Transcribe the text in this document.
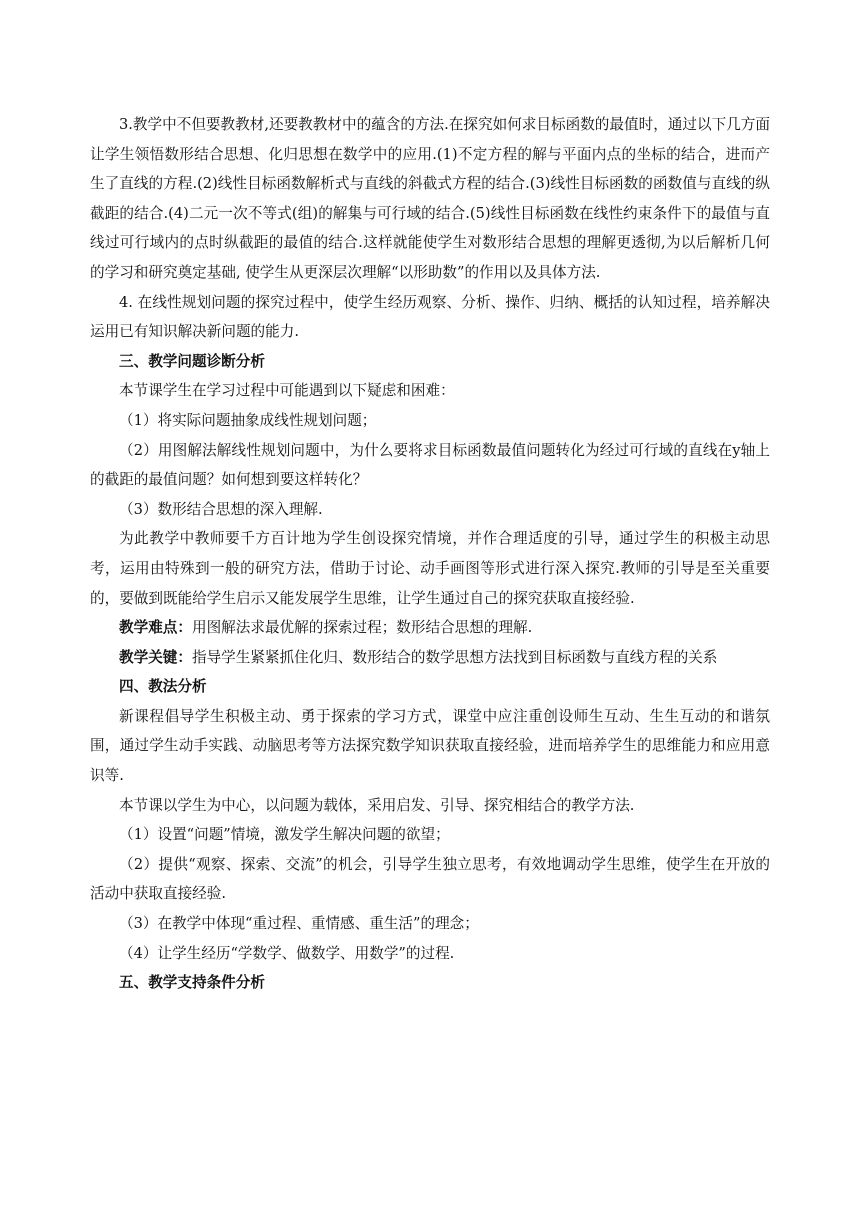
3.教学中不但要教教材,还要教教材中的蕴含的方法.在探究如何求目标函数的最值时，通过以下几方面让学生领悟数形结合思想、化归思想在数学中的应用.(1)不定方程的解与平面内点的坐标的结合，进而产生了直线的方程.(2)线性目标函数解析式与直线的斜截式方程的结合.(3)线性目标函数的函数值与直线的纵截距的结合.(4)二元一次不等式(组)的解集与可行域的结合.(5)线性目标函数在线性约束条件下的最值与直线过可行域内的点时纵截距的最值的结合.这样就能使学生对数形结合思想的理解更透彻,为以后解析几何的学习和研究奠定基础, 使学生从更深层次理解“以形助数”的作用以及具体方法.

4. 在线性规划问题的探究过程中，使学生经历观察、分析、操作、归纳、概括的认知过程，培养解决运用已有知识解决新问题的能力.

三、教学问题诊断分析

本节课学生在学习过程中可能遇到以下疑虑和困难：

（1）将实际问题抽象成线性规划问题；

（2）用图解法解线性规划问题中，为什么要将求目标函数最值问题转化为经过可行域的直线在y轴上的截距的最值问题？如何想到要这样转化？

（3）数形结合思想的深入理解.

为此教学中教师要千方百计地为学生创设探究情境，并作合理适度的引导，通过学生的积极主动思考，运用由特殊到一般的研究方法，借助于讨论、动手画图等形式进行深入探究.教师的引导是至关重要的，要做到既能给学生启示又能发展学生思维，让学生通过自己的探究获取直接经验.

教学难点：用图解法求最优解的探索过程；数形结合思想的理解.

教学关键：指导学生紧紧抓住化归、数形结合的数学思想方法找到目标函数与直线方程的关系

四、教法分析

新课程倡导学生积极主动、勇于探索的学习方式，课堂中应注重创设师生互动、生生互动的和谐氛围，通过学生动手实践、动脑思考等方法探究数学知识获取直接经验，进而培养学生的思维能力和应用意识等.

本节课以学生为中心，以问题为载体，采用启发、引导、探究相结合的教学方法.

（1）设置“问题”情境，激发学生解决问题的欲望；

（2）提供“观察、探索、交流”的机会，引导学生独立思考，有效地调动学生思维，使学生在开放的活动中获取直接经验.

（3）在教学中体现“重过程、重情感、重生活”的理念；

（4）让学生经历“学数学、做数学、用数学”的过程.

五、教学支持条件分析
